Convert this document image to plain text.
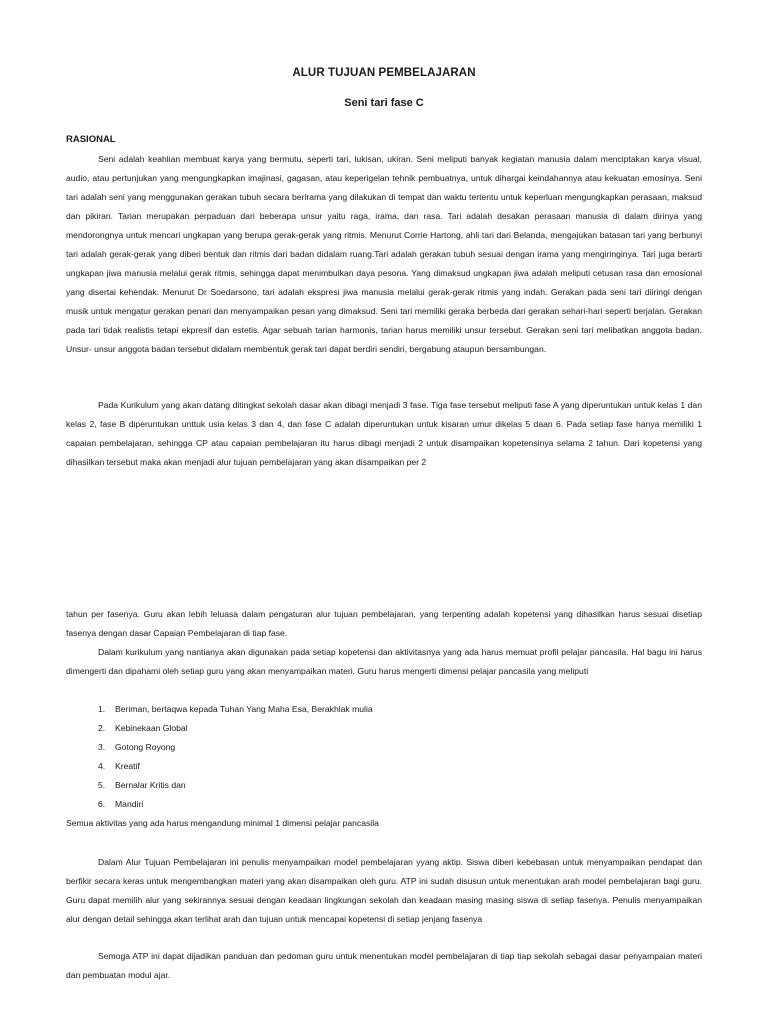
ALUR TUJUAN PEMBELAJARAN
Seni tari fase C
RASIONAL

Seni adalah keahlian membuat karya yang bermutu, seperti tari, lukisan, ukiran. Seni meliputi banyak kegiatan manusia dalam menciptakan karya visual, audio, atau pertunjukan yang mengungkapkan imajinasi, gagasan, atau keperigelan tehnik pembuatnya, untuk dihargai keindahannya atau kekuatan emosinya. Seni tari adalah seni yang menggunakan gerakan tubuh secara berirama yang dilakukan di tempat dan waktu tertentu untuk keperluan mengungkapkan perasaan, maksud dan pikiran. Tarian merupakan perpaduan dari beberapa unsur yaitu raga, irama, dan rasa. Tari adalah desakan perasaan manusia di dalam dirinya yang mendorongnya untuk mencari ungkapan yang berupa gerak-gerak yang ritmis. Menurut Corrie Hartong, ahli tari dari Belanda, mengajukan batasan tari yang berbunyi tari adalah gerak-gerak yang diberi bentuk dan ritmis dari badan didalam ruang.Tari adalah gerakan tubuh sesuai dengan irama yang mengiringinya. Tari juga berarti ungkapan jiwa manusia melalui gerak ritmis, sehingga dapat menimbulkan daya pesona. Yang dimaksud ungkapan jiwa adalah meliputi cetusan rasa dan emosional yang disertai kehendak. Menurut Dr Soedarsono, tari adalah ekspresi jiwa manusia melalui gerak-gerak ritmis yang indah. Gerakan pada seni tari diiringi dengan musik untuk mengatur gerakan penari dan menyampaikan pesan yang dimaksud. Seni tari memiliki geraka berbeda dari gerakan sehari-hari seperti berjalan. Gerakan pada tari tidak realistis tetapi ekpresif dan estetis. Agar sebuah tarian harmonis, tarian harus memiliki unsur tersebut. Gerakan seni tari melibatkan anggota badan. Unsur- unsur anggota badan tersebut didalam membentuk gerak tari dapat berdiri sendiri, bergabung ataupun bersambungan.

Pada Kurikulum yang akan datang ditingkat sekolah dasar akan dibagi menjadi 3 fase. Tiga fase tersebut meliputi fase A yang diperuntukan untuk kelas 1 dan kelas 2, fase B diperuntukan unttuk usia kelas 3 dan 4, dan fase C adalah diperuntukan untuk kisaran umur dikelas 5 daan 6. Pada setiap fase hanya memiliki 1 capaian pembelajaran, sehingga CP atau capaian pembelajaran itu harus dibagi menjadi 2 untuk disampaikan kopetensinya selama 2 tahun. Dari kopetensi yang dihasilkan tersebut maka akan menjadi alur tujuan pembelajaran yang akan disampaikan per 2

tahun per fasenya. Guru akan lebih leluasa dalam pengaturan alur tujuan pembelajaran, yang terpenting adalah kopetensi yang dihasilkan harus sesuai disetiap fasenya dengan dasar Capaian Pembelajaran di tiap fase.

Dalam kurikulum yang nantianya akan digunakan pada setiap kopetensi dan aktivitasnya yang ada harus memuat profil pelajar pancasila. Hal bagu ini harus dimengerti dan dipahami oleh setiap guru yang akan menyampaikan materi. Guru harus mengerti dimensi pelajar pancasila yang meliputi

1. Beriman, bertaqwa kepada Tuhan Yang Maha Esa, Berakhlak mulia
2. Kebinekaan Global
3. Gotong Royong
4. Kreatif
5. Bernalar Kritis dan
6. Mandiri

Semua aktivitas yang ada harus mengandung minimal 1 dimensi pelajar pancasila

Dalam Alur Tujuan Pembelajaran ini penulis menyampaikan model pembelajaran yyang aktip. Siswa diberi kebebasan untuk menyampaikan pendapat dan berfikir secara keras untuk mengembangkan materi yang akan disampaikan oleh guru. ATP ini sudah disusun untuk menentukan arah model pembelajaran bagi guru. Guru dapat memilih alur yang sekirannya sesuai dengan keadaan lingkungan sekolah dan keadaan masing masing siswa di setiap fasenya. Penulis menyampaikan alur dengan detail sehingga akan terlihat arah dan tujuan untuk mencapai kopetensi di setiap jenjang fasenya

Semoga ATP ini dapat dijadikan panduan dan pedoman guru untuk menentukan model pembelajaran di tiap tiap sekolah sebagai dasar penyampaian materi dan pembuatan modul ajar.
